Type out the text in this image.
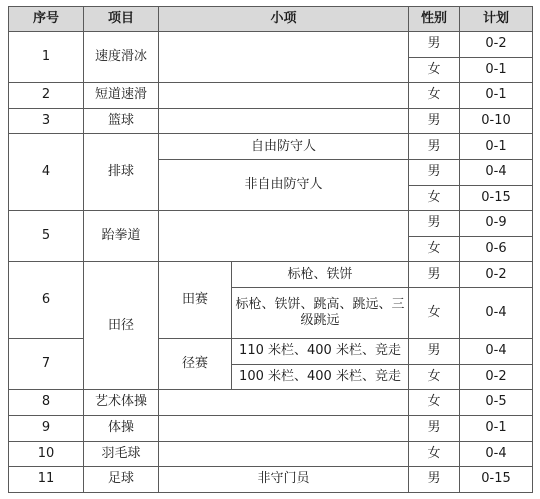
序号	项目	小项		性别	计划
1	速度滑冰			男	0-2
				女	0-1
2	短道速滑			女	0-1
3	篮球			男	0-10
4	排球	自由防守人		男	0-1
		非自由防守人		男	0-4
				女	0-15
5	跆拳道			男	0-9
				女	0-6
6	田径	田赛	标枪、铁饼	男	0-2
			标枪、铁饼、跳高、跳远、三级跳远	女	0-4

7		径赛	110 米栏、400 米栏、竞走	男	0-4
			100 米栏、400 米栏、竞走	女	0-2
8	艺术体操			女	0-5
9	体操			男	0-1
10	羽毛球			女	0-4
11	足球	非守门员		男	0-15
